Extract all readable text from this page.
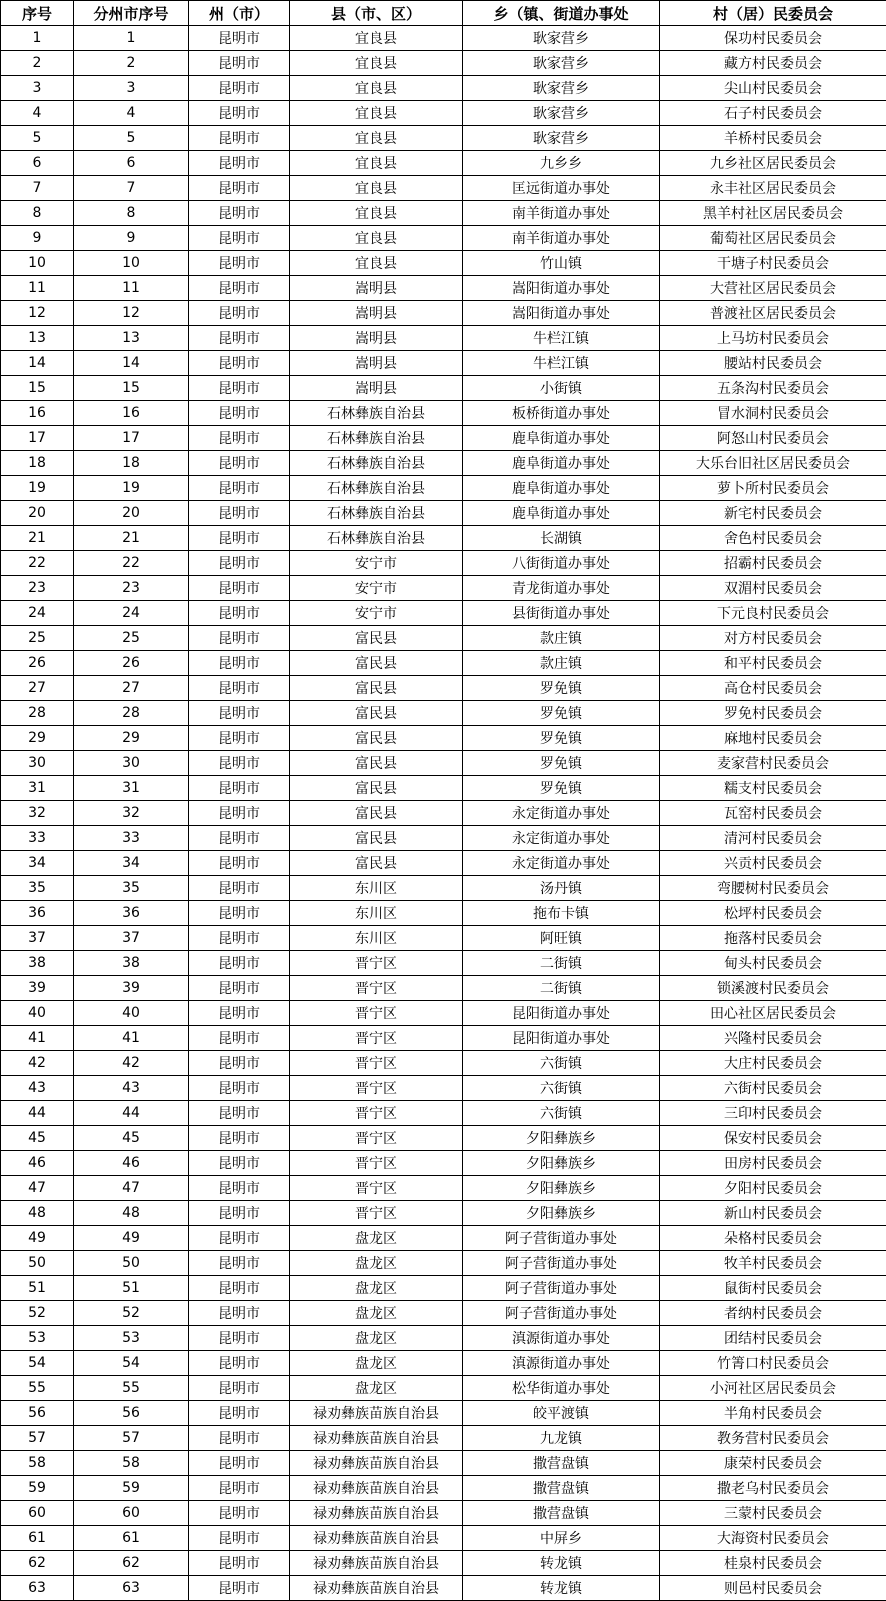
序号	分州市序号	州（市）	县（市、区）	乡（镇、街道办事处	村（居）民委员会
1	1	昆明市	宜良县	耿家营乡	保功村民委员会
2	2	昆明市	宜良县	耿家营乡	藏方村民委员会
3	3	昆明市	宜良县	耿家营乡	尖山村民委员会
4	4	昆明市	宜良县	耿家营乡	石子村民委员会
5	5	昆明市	宜良县	耿家营乡	羊桥村民委员会
6	6	昆明市	宜良县	九乡乡	九乡社区居民委员会
7	7	昆明市	宜良县	匡远街道办事处	永丰社区居民委员会
8	8	昆明市	宜良县	南羊街道办事处	黑羊村社区居民委员会
9	9	昆明市	宜良县	南羊街道办事处	葡萄社区居民委员会
10	10	昆明市	宜良县	竹山镇	干塘子村民委员会
11	11	昆明市	嵩明县	嵩阳街道办事处	大营社区居民委员会
12	12	昆明市	嵩明县	嵩阳街道办事处	普渡社区居民委员会
13	13	昆明市	嵩明县	牛栏江镇	上马坊村民委员会
14	14	昆明市	嵩明县	牛栏江镇	腰站村民委员会
15	15	昆明市	嵩明县	小街镇	五条沟村民委员会
16	16	昆明市	石林彝族自治县	板桥街道办事处	冒水洞村民委员会
17	17	昆明市	石林彝族自治县	鹿阜街道办事处	阿怒山村民委员会
18	18	昆明市	石林彝族自治县	鹿阜街道办事处	大乐台旧社区居民委员会
19	19	昆明市	石林彝族自治县	鹿阜街道办事处	萝卜所村民委员会
20	20	昆明市	石林彝族自治县	鹿阜街道办事处	新宅村民委员会
21	21	昆明市	石林彝族自治县	长湖镇	舍色村民委员会
22	22	昆明市	安宁市	八街街道办事处	招霸村民委员会
23	23	昆明市	安宁市	青龙街道办事处	双湄村民委员会
24	24	昆明市	安宁市	县街街道办事处	下元良村民委员会
25	25	昆明市	富民县	款庄镇	对方村民委员会
26	26	昆明市	富民县	款庄镇	和平村民委员会
27	27	昆明市	富民县	罗免镇	高仓村民委员会
28	28	昆明市	富民县	罗免镇	罗免村民委员会
29	29	昆明市	富民县	罗免镇	麻地村民委员会
30	30	昆明市	富民县	罗免镇	麦家营村民委员会
31	31	昆明市	富民县	罗免镇	糯支村民委员会
32	32	昆明市	富民县	永定街道办事处	瓦窑村民委员会
33	33	昆明市	富民县	永定街道办事处	清河村民委员会
34	34	昆明市	富民县	永定街道办事处	兴贡村民委员会
35	35	昆明市	东川区	汤丹镇	弯腰树村民委员会
36	36	昆明市	东川区	拖布卡镇	松坪村民委员会
37	37	昆明市	东川区	阿旺镇	拖落村民委员会
38	38	昆明市	晋宁区	二街镇	甸头村民委员会
39	39	昆明市	晋宁区	二街镇	锁溪渡村民委员会
40	40	昆明市	晋宁区	昆阳街道办事处	田心社区居民委员会
41	41	昆明市	晋宁区	昆阳街道办事处	兴隆村民委员会
42	42	昆明市	晋宁区	六街镇	大庄村民委员会
43	43	昆明市	晋宁区	六街镇	六街村民委员会
44	44	昆明市	晋宁区	六街镇	三印村民委员会
45	45	昆明市	晋宁区	夕阳彝族乡	保安村民委员会
46	46	昆明市	晋宁区	夕阳彝族乡	田房村民委员会
47	47	昆明市	晋宁区	夕阳彝族乡	夕阳村民委员会
48	48	昆明市	晋宁区	夕阳彝族乡	新山村民委员会
49	49	昆明市	盘龙区	阿子营街道办事处	朵格村民委员会
50	50	昆明市	盘龙区	阿子营街道办事处	牧羊村民委员会
51	51	昆明市	盘龙区	阿子营街道办事处	鼠街村民委员会
52	52	昆明市	盘龙区	阿子营街道办事处	者纳村民委员会
53	53	昆明市	盘龙区	滇源街道办事处	团结村民委员会
54	54	昆明市	盘龙区	滇源街道办事处	竹箐口村民委员会
55	55	昆明市	盘龙区	松华街道办事处	小河社区居民委员会
56	56	昆明市	禄劝彝族苗族自治县	皎平渡镇	半角村民委员会
57	57	昆明市	禄劝彝族苗族自治县	九龙镇	教务营村民委员会
58	58	昆明市	禄劝彝族苗族自治县	撒营盘镇	康荣村民委员会
59	59	昆明市	禄劝彝族苗族自治县	撒营盘镇	撒老乌村民委员会
60	60	昆明市	禄劝彝族苗族自治县	撒营盘镇	三蒙村民委员会
61	61	昆明市	禄劝彝族苗族自治县	中屏乡	大海资村民委员会
62	62	昆明市	禄劝彝族苗族自治县	转龙镇	桂泉村民委员会
63	63	昆明市	禄劝彝族苗族自治县	转龙镇	则邑村民委员会
